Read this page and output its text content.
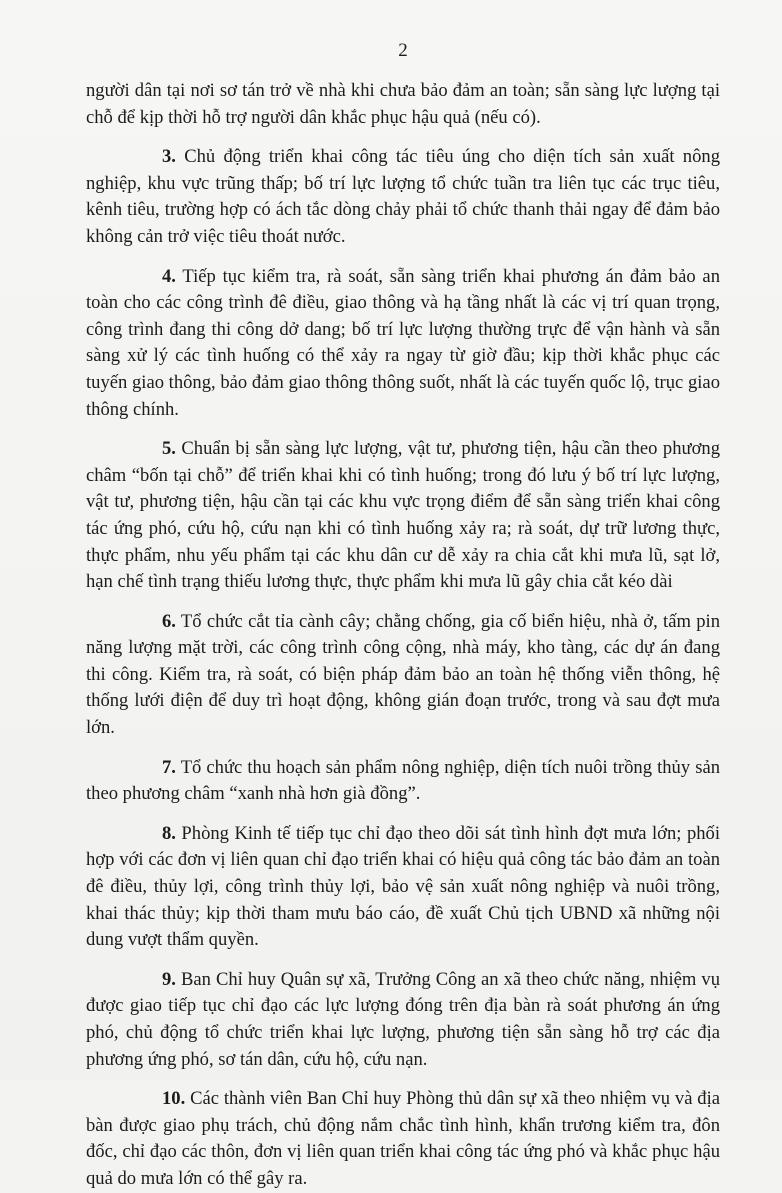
2

người dân tại nơi sơ tán trở về nhà khi chưa bảo đảm an toàn; sẵn sàng lực lượng tại chỗ để kịp thời hỗ trợ người dân khắc phục hậu quả (nếu có).

3. Chủ động triển khai công tác tiêu úng cho diện tích sản xuất nông nghiệp, khu vực trũng thấp; bố trí lực lượng tổ chức tuần tra liên tục các trục tiêu, kênh tiêu, trường hợp có ách tắc dòng chảy phải tổ chức thanh thải ngay để đảm bảo không cản trở việc tiêu thoát nước.

4. Tiếp tục kiểm tra, rà soát, sẵn sàng triển khai phương án đảm bảo an toàn cho các công trình đê điều, giao thông và hạ tầng nhất là các vị trí quan trọng, công trình đang thi công dở dang; bố trí lực lượng thường trực để vận hành và sẵn sàng xử lý các tình huống có thể xảy ra ngay từ giờ đầu; kịp thời khắc phục các tuyến giao thông, bảo đảm giao thông thông suốt, nhất là các tuyến quốc lộ, trục giao thông chính.

5. Chuẩn bị sẵn sàng lực lượng, vật tư, phương tiện, hậu cần theo phương châm “bốn tại chỗ” để triển khai khi có tình huống; trong đó lưu ý bố trí lực lượng, vật tư, phương tiện, hậu cần tại các khu vực trọng điểm để sẵn sàng triển khai công tác ứng phó, cứu hộ, cứu nạn khi có tình huống xảy ra; rà soát, dự trữ lương thực, thực phẩm, nhu yếu phẩm tại các khu dân cư dễ xảy ra chia cắt khi mưa lũ, sạt lở, hạn chế tình trạng thiếu lương thực, thực phẩm khi mưa lũ gây chia cắt kéo dài

6. Tổ chức cắt tỉa cành cây; chằng chống, gia cố biển hiệu, nhà ở, tấm pin năng lượng mặt trời, các công trình công cộng, nhà máy, kho tàng, các dự án đang thi công. Kiểm tra, rà soát, có biện pháp đảm bảo an toàn hệ thống viễn thông, hệ thống lưới điện để duy trì hoạt động, không gián đoạn trước, trong và sau đợt mưa lớn.

7. Tổ chức thu hoạch sản phẩm nông nghiệp, diện tích nuôi trồng thủy sản theo phương châm “xanh nhà hơn già đồng”.

8. Phòng Kinh tế tiếp tục chỉ đạo theo dõi sát tình hình đợt mưa lớn; phối hợp với các đơn vị liên quan chỉ đạo triển khai có hiệu quả công tác bảo đảm an toàn đê điều, thủy lợi, công trình thủy lợi, bảo vệ sản xuất nông nghiệp và nuôi trồng, khai thác thủy; kịp thời tham mưu báo cáo, đề xuất Chủ tịch UBND xã những nội dung vượt thẩm quyền.

9. Ban Chỉ huy Quân sự xã, Trưởng Công an xã theo chức năng, nhiệm vụ được giao tiếp tục chỉ đạo các lực lượng đóng trên địa bàn rà soát phương án ứng phó, chủ động tổ chức triển khai lực lượng, phương tiện sẵn sàng hỗ trợ các địa phương ứng phó, sơ tán dân, cứu hộ, cứu nạn.

10. Các thành viên Ban Chỉ huy Phòng thủ dân sự xã theo nhiệm vụ và địa bàn được giao phụ trách, chủ động nắm chắc tình hình, khẩn trương kiểm tra, đôn đốc, chỉ đạo các thôn, đơn vị liên quan triển khai công tác ứng phó và khắc phục hậu quả do mưa lớn có thể gây ra.
